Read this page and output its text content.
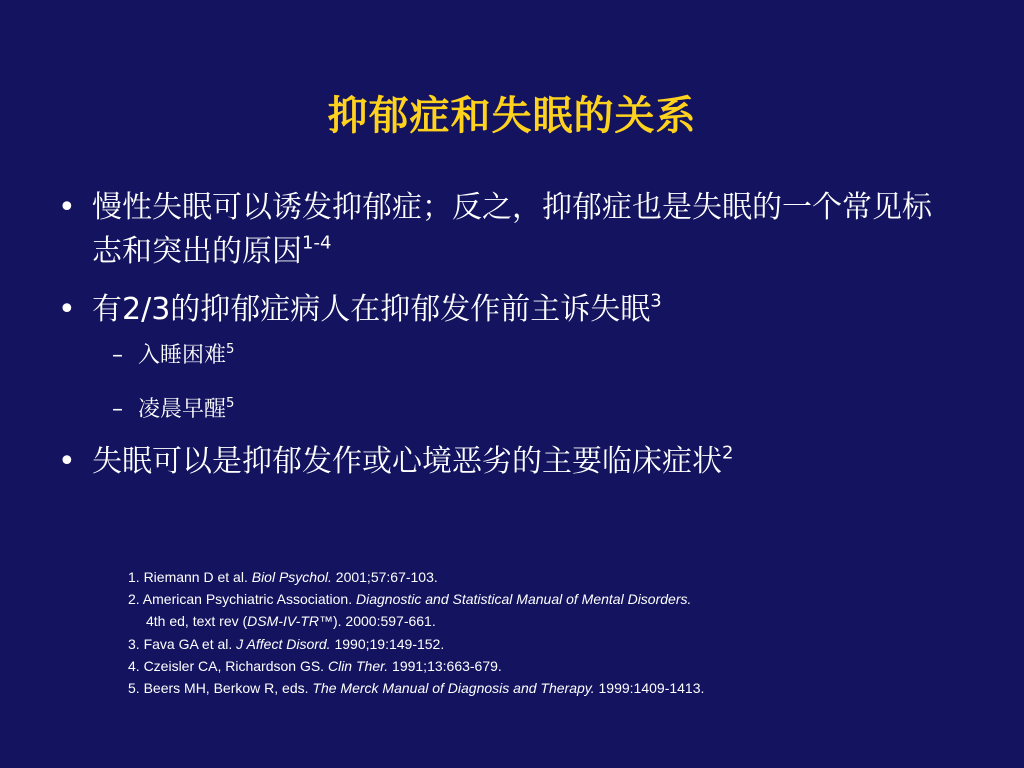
抑郁症和失眠的关系
• 慢性失眠可以诱发抑郁症；反之，抑郁症也是失眠的一个常见标志和突出的原因$^{1-4}$
• 有2/3的抑郁症病人在抑郁发作前主诉失眠$^3$
– 入睡困难$^5$
– 凌晨早醒$^5$
• 失眠可以是抑郁发作或心境恶劣的主要临床症状$^2$
1. Riemann D et al. Biol Psychol. 2001;57:67-103.
2. American Psychiatric Association. Diagnostic and Statistical Manual of Mental Disorders.
4th ed, text rev (DSM-IV-TR™). 2000:597-661.
3. Fava GA et al. J Affect Disord. 1990;19:149-152.
4. Czeisler CA, Richardson GS. Clin Ther. 1991;13:663-679.
5. Beers MH, Berkow R, eds. The Merck Manual of Diagnosis and Therapy. 1999:1409-1413.
